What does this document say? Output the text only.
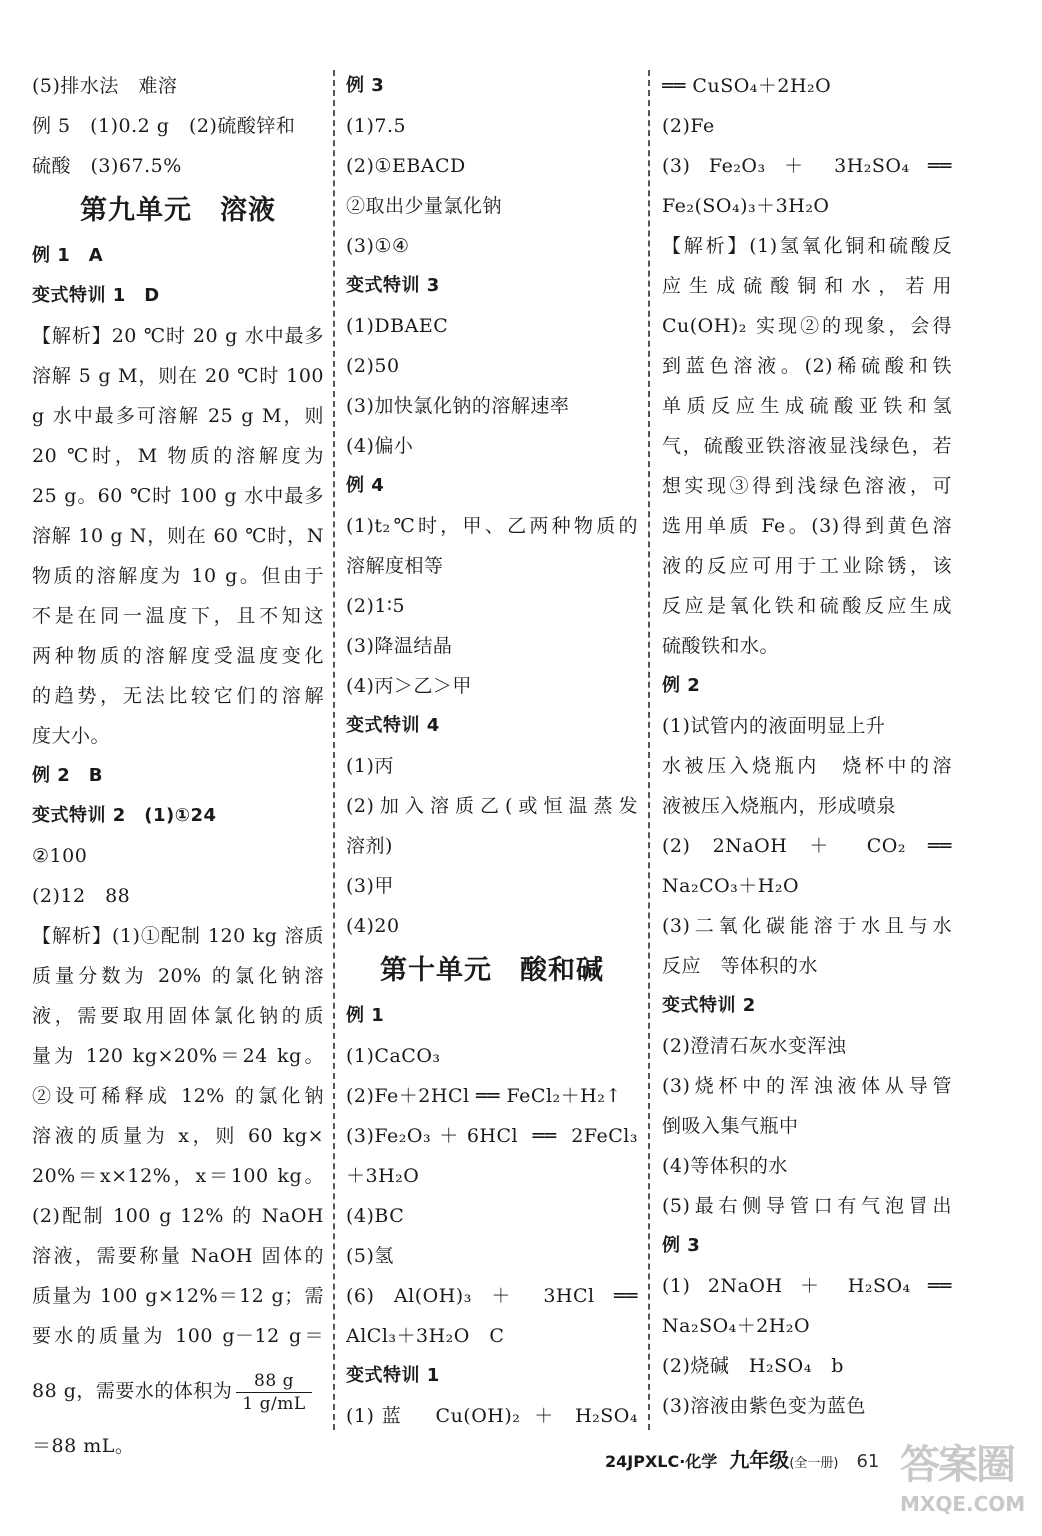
(5)排水法　难溶
例 5　(1)0.2 g　(2)硫酸锌和
硫酸　(3)67.5%
第九单元　溶液
例 1　A
变式特训 1　D
【解析】20 ℃时 20 g 水中最多
溶解 5 g M，则在 20 ℃时 100
g 水中最多可溶解 25 g M，则
20 ℃时，M 物质的溶解度为
25 g。60 ℃时 100 g 水中最多
溶解 10 g N，则在 60 ℃时，N
物质的溶解度为 10 g。但由于
不是在同一温度下，且不知这
两种物质的溶解度受温度变化
的趋势，无法比较它们的溶解
度大小。
例 2　B
变式特训 2　(1)①24
②100
(2)12　88
【解析】(1)①配制 120 kg 溶质
质量分数为 20% 的氯化钠溶
液，需要取用固体氯化钠的质
量为 120 kg×20%＝24 kg。
②设可稀释成 12% 的氯化钠
溶液的质量为 x，则 60 kg×
20%＝x×12%，x＝100 kg。
(2)配制 100 g 12% 的 NaOH
溶液，需要称量 NaOH 固体的
质量为 100 g×12%＝12 g；需
要水的质量为 100 g－12 g＝
88 g，需要水的体积为 $\frac{88 g}{1 g/mL}$
＝88 mL。
例 3
(1)7.5
(2)①EBACD
②取出少量氯化钠
(3)①④
变式特训 3
(1)DBAEC
(2)50
(3)加快氯化钠的溶解速率
(4)偏小
例 4
(1)t₂℃时，甲、乙两种物质的
溶解度相等
(2)1∶5
(3)降温结晶
(4)丙＞乙＞甲
变式特训 4
(1)丙
(2)加入溶质乙(或恒温蒸发
溶剂)
(3)甲
(4)20
第十单元　酸和碱
例 1
(1)CaCO₃
(2)Fe＋2HCl ══ FeCl₂＋H₂↑
(3)Fe₂O₃＋6HCl ══ 2FeCl₃
＋3H₂O
(4)BC
(5)氢
(6) Al(OH)₃ ＋ 3HCl ══
AlCl₃＋3H₂O　C
变式特训 1
(1)蓝　Cu(OH)₂ ＋ H₂SO₄
══ CuSO₄＋2H₂O
(2)Fe
(3) Fe₂O₃ ＋ 3H₂SO₄ ══
Fe₂(SO₄)₃＋3H₂O
【解析】(1)氢氧化铜和硫酸反
应生成硫酸铜和水，若用
Cu(OH)₂ 实现②的现象，会得
到蓝色溶液。(2)稀硫酸和铁
单质反应生成硫酸亚铁和氢
气，硫酸亚铁溶液显浅绿色，若
想实现③得到浅绿色溶液，可
选用单质 Fe。(3)得到黄色溶
液的反应可用于工业除锈，该
反应是氧化铁和硫酸反应生成
硫酸铁和水。
例 2
(1)试管内的液面明显上升
水被压入烧瓶内　烧杯中的溶
液被压入烧瓶内，形成喷泉
(2) 2NaOH ＋ CO₂ ══
Na₂CO₃＋H₂O
(3)二氧化碳能溶于水且与水
反应　等体积的水
变式特训 2
(2)澄清石灰水变浑浊
(3)烧杯中的浑浊液体从导管
倒吸入集气瓶中
(4)等体积的水
(5)最右侧导管口有气泡冒出
例 3
(1) 2NaOH ＋ H₂SO₄ ══
Na₂SO₄＋2H₂O
(2)烧碱　H₂SO₄　b
(3)溶液由紫色变为蓝色
24JPXLC·化学 九年级(全一册) 61 答案圈
MXQE.COM
